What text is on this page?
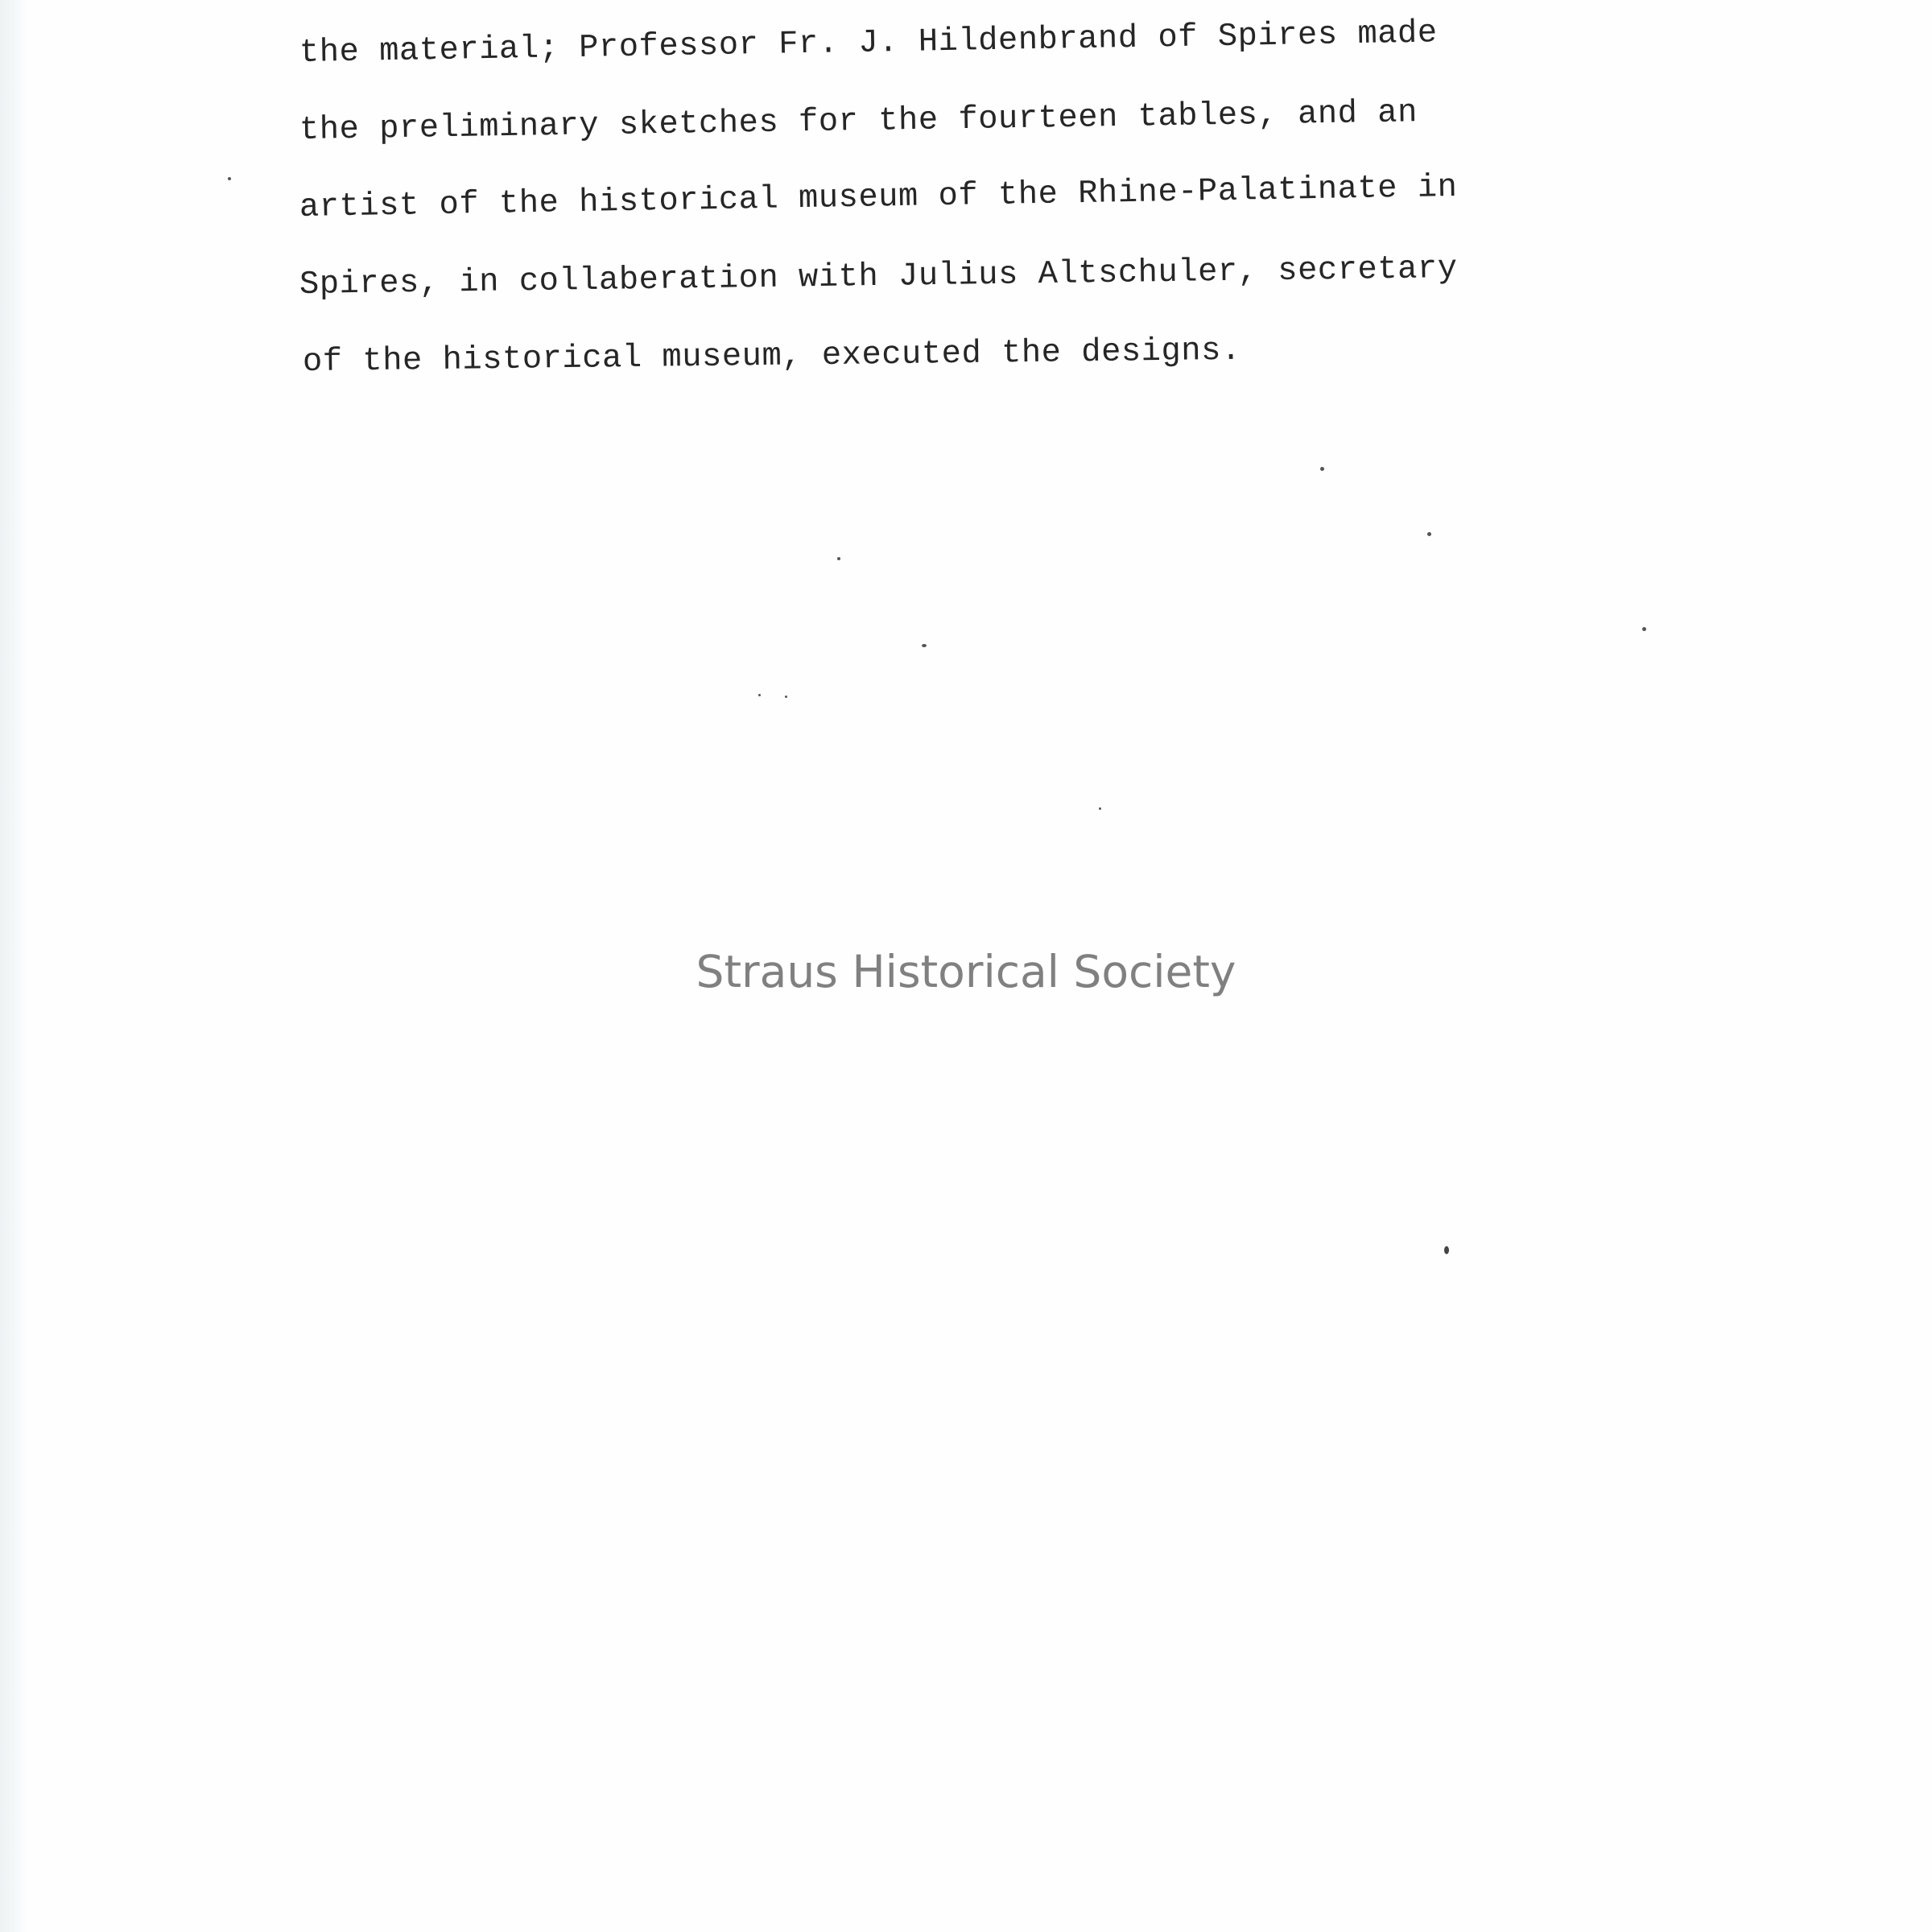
the material; Professor Fr. J. Hildenbrand of Spires made
the preliminary sketches for the fourteen tables, and an
artist of the historical museum of the Rhine-Palatinate in
Spires, in collaberation with Julius Altschuler, secretary
of the historical museum, executed the designs.
Straus Historical Society
